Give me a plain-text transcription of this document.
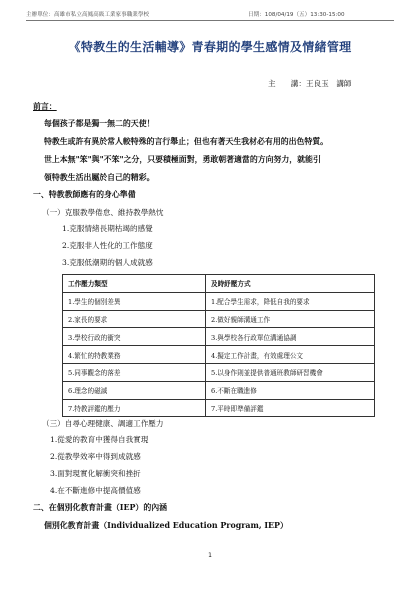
主辦單位：高雄市私立高鳳高級工業家事職業學校	日期：108/04/19（五）13:30-15:00
《特教生的生活輔導》青春期的學生感情及情緒管理
主　　講：王良玉　講師
前言：
每個孩子都是獨一無二的天使！
特教生或許有異於常人較特殊的言行舉止；但也有著天生我材必有用的出色特質。
世上本無"笨"與"不笨"之分，只要積極面對，勇敢朝著適當的方向努力，就能引
領特教生活出屬於自己的精彩。
一、特教教師應有的身心準備
（一）克服教學倦怠、維持教學熱忱
1.克服情緒長期枯竭的感覺
2.克服非人性化的工作態度
3.克服低潮期的個人成就感
工作壓力類型	及時紓壓方式
1.學生的個別差異	1.配合學生需求，降低自我的要求
2.家長的要求	2.做好親師溝通工作
3.學校行政的衝突	3.與學校各行政單位溝通協調
4.繁忙的特教業務	4.擬定工作計畫，有效處理公文
5.同事觀念的落差	5.以身作則並提供普通班教師研習機會
6.理念的磁滅	6.不斷在職進修
7.特教評鑑的壓力	7.平時即準備評鑑
（三）自尋心理健康、調適工作壓力
1.從愛的教育中獲得自我實現
2.從教學效率中得到成就感
3.面對現實化解衝突和挫折
4.在不斷進修中提高價值感
二、在個別化教育計畫（IEP）的內涵
個別化教育計畫（Individualized Education Program, IEP）
1
